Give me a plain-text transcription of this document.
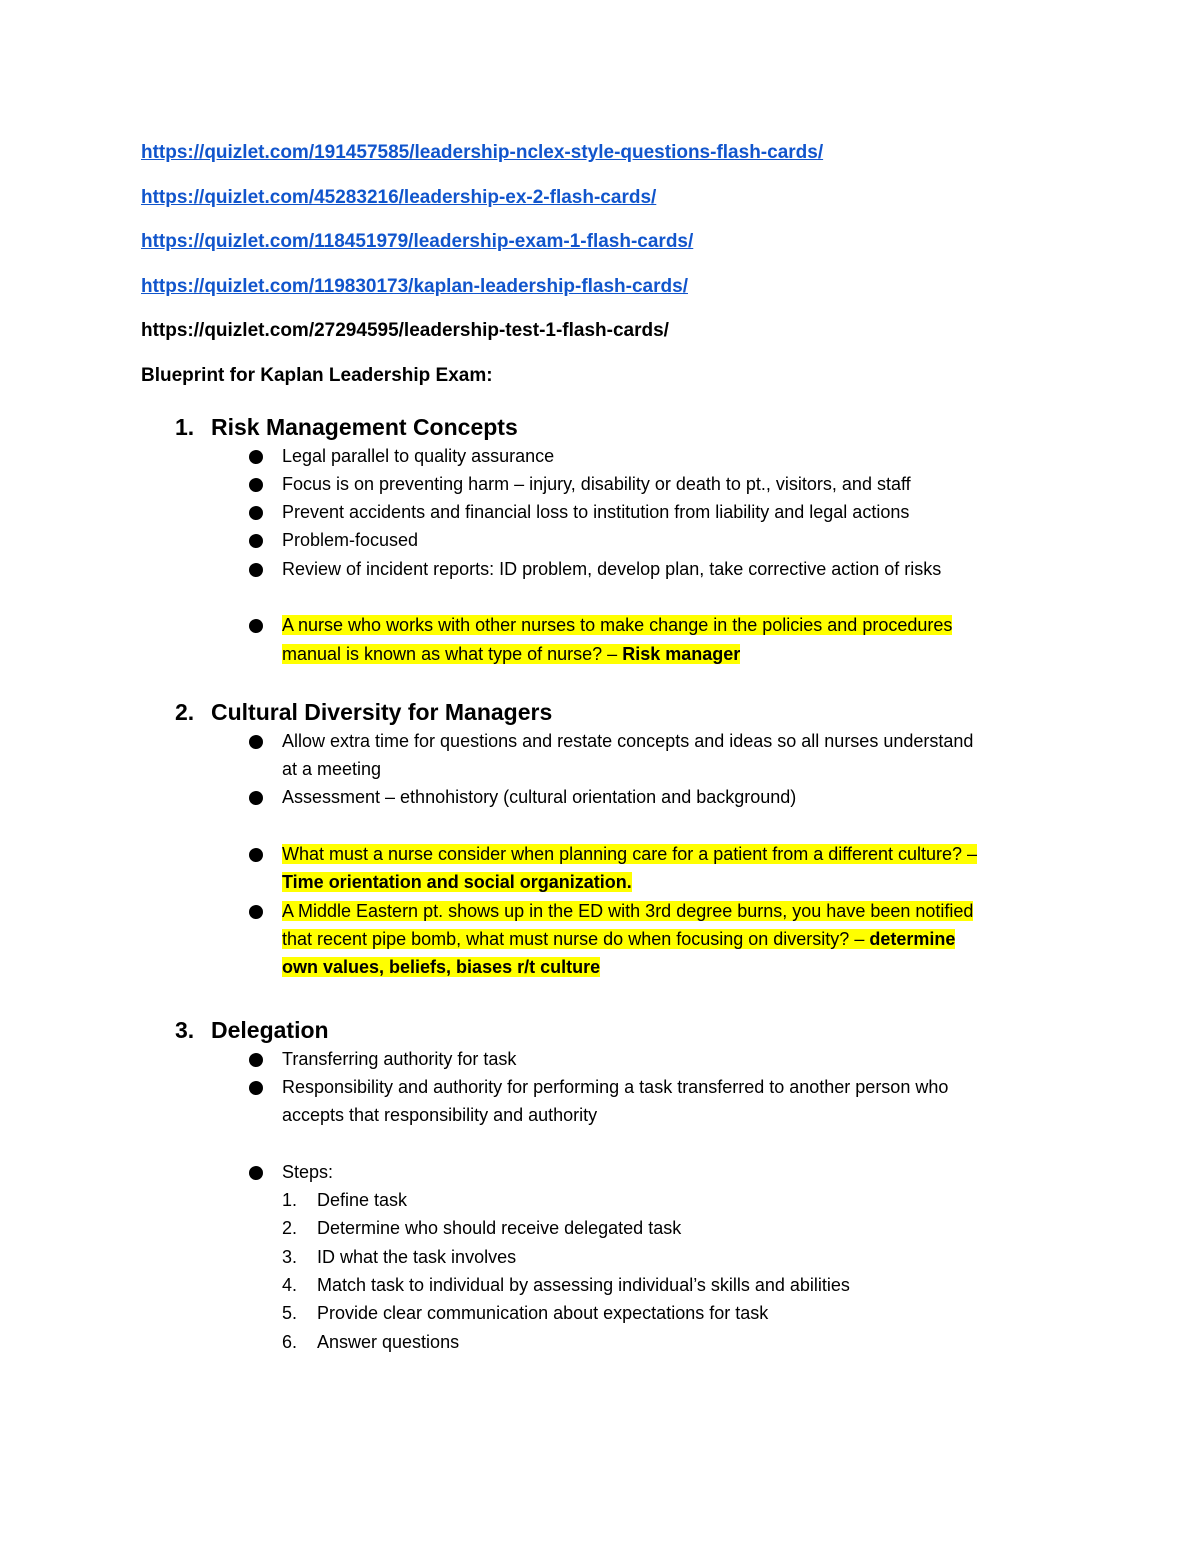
https://quizlet.com/191457585/leadership-nclex-style-questions-flash-cards/
https://quizlet.com/45283216/leadership-ex-2-flash-cards/
https://quizlet.com/118451979/leadership-exam-1-flash-cards/
https://quizlet.com/119830173/kaplan-leadership-flash-cards/
https://quizlet.com/27294595/leadership-test-1-flash-cards/
Blueprint for Kaplan Leadership Exam:
1. Risk Management Concepts
Legal parallel to quality assurance
Focus is on preventing harm – injury, disability or death to pt., visitors, and staff
Prevent accidents and financial loss to institution from liability and legal actions
Problem-focused
Review of incident reports: ID problem, develop plan, take corrective action of risks
A nurse who works with other nurses to make change in the policies and procedures
manual is known as what type of nurse? – Risk manager
2. Cultural Diversity for Managers
Allow extra time for questions and restate concepts and ideas so all nurses understand
at a meeting
Assessment – ethnohistory (cultural orientation and background)
What must a nurse consider when planning care for a patient from a different culture? –
Time orientation and social organization.
A Middle Eastern pt. shows up in the ED with 3rd degree burns, you have been notified
that recent pipe bomb, what must nurse do when focusing on diversity? – determine
own values, beliefs, biases r/t culture
3. Delegation
Transferring authority for task
Responsibility and authority for performing a task transferred to another person who
accepts that responsibility and authority
Steps:
1. Define task
2. Determine who should receive delegated task
3. ID what the task involves
4. Match task to individual by assessing individual’s skills and abilities
5. Provide clear communication about expectations for task
6. Answer questions
